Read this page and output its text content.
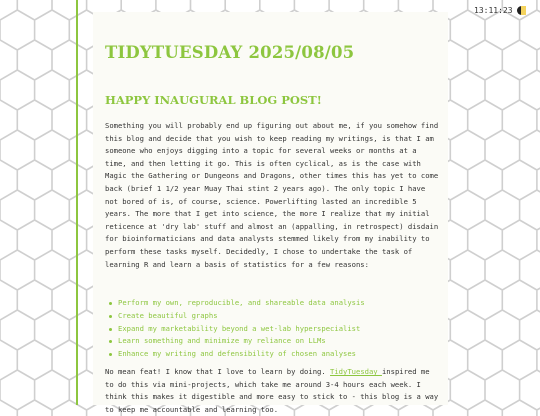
13:11:23
TIDYTUESDAY 2025/08/05
HAPPY INAUGURAL BLOG POST!

Something you will probably end up figuring out about me, if you somehow find this blog and decide that you wish to keep reading my writings, is that I am someone who enjoys digging into a topic for several weeks or months at a time, and then letting it go. This is often cyclical, as is the case with Magic the Gathering or Dungeons and Dragons, other times this has yet to come back (brief 1 1/2 year Muay Thai stint 2 years ago). The only topic I have not bored of is, of course, science. Powerlifting lasted an incredible 5 years. The more that I get into science, the more I realize that my initial reticence at 'dry lab' stuff and almost an (appalling, in retrospect) disdain for bioinformaticians and data analysts stemmed likely from my inability to perform these tasks myself. Decidedly, I chose to undertake the task of learning R and learn a basis of statistics for a few reasons:

Perform my own, reproducible, and shareable data analysis
Create beautiful graphs
Expand my marketability beyond a wet-lab hyperspecialist
Learn something and minimize my reliance on LLMs
Enhance my writing and defensibility of chosen analyses

No mean feat! I know that I love to learn by doing. TidyTuesday inspired me to do this via mini-projects, which take me around 3-4 hours each week. I think this makes it digestible and more easy to stick to - this blog is a way to keep me accountable and learning too.
